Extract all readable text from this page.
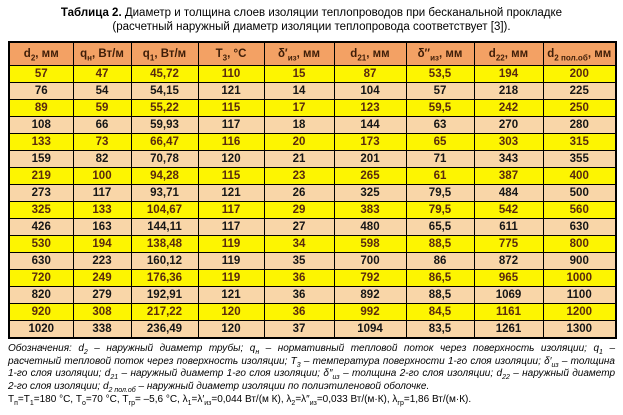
Таблица 2. Диаметр и толщина слоев изоляции теплопроводов при бесканальной прокладке
(расчетный наружный диаметр изоляции теплопровода соответствует [3]).
$d_2$, мм	$q_н$, Вт/м	$q_1$, Вт/м	$Т_3$, °С	$\delta'_{из}$, мм	$d_{21}$, мм	$\delta''_{из}$, мм	$d_{22}$, мм	$d_{2 пол.об}$, мм
57	47	45,72	110	15	87	53,5	194	200
76	54	54,15	121	14	104	57	218	225
89	59	55,22	115	17	123	59,5	242	250
108	66	59,93	117	18	144	63	270	280
133	73	66,47	116	20	173	65	303	315
159	82	70,78	120	21	201	71	343	355
219	100	94,28	115	23	265	61	387	400
273	117	93,71	121	26	325	79,5	484	500
325	133	104,67	117	29	383	79,5	542	560
426	163	144,11	117	27	480	65,5	611	630
530	194	138,48	119	34	598	88,5	775	800
630	223	160,12	119	35	700	86	872	900
720	249	176,36	119	36	792	86,5	965	1000
820	279	192,91	121	36	892	88,5	1069	1100
920	308	217,22	120	36	992	84,5	1161	1200
1020	338	236,49	120	37	1094	83,5	1261	1300
Обозначения: $d_2$ – наружный диаметр трубы; $q_н$ – нормативный тепловой поток через поверхность изоляции; $q_1$ – расчетный тепловой поток через поверхность изоляции; $Т_3$ – температура поверхности 1-го слоя изоляции; $\delta'_{из}$ – толщина 1-го слоя изоляции; $d_{21}$ – наружный диаметр 1-го слоя изоляции; $\delta''_{из}$ – толщина 2-го слоя изоляции; $d_{22}$ – наружный диаметр 2-го слоя изоляции; $d_{2 пол.об}$ – наружный диаметр изоляции по полиэтиленовой оболочке.
$Т_п=Т_1=180$ °С, $Т_о=70$ °С, $Т_{гр}= -5,6$ °С, $\lambda_1=\lambda'_{из}=0,044$ Вт/(м К), $\lambda_2=\lambda''_{из}=0,033$ Вт/(м·К), $\lambda_{гр}=1,86$ Вт/(м·К).
